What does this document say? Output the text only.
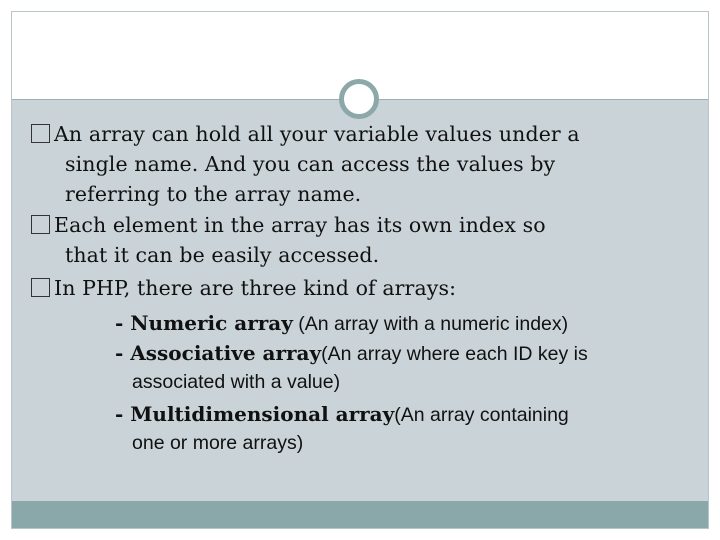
An array can hold all your variable values under a
single name. And you can access the values by
referring to the array name.
Each element in the array has its own index so
that it can be easily accessed.
In PHP, there are three kind of arrays:
- Numeric array (An array with a numeric index)
- Associative array(An array where each ID key is
associated with a value)
- Multidimensional array(An array containing
one or more arrays)
